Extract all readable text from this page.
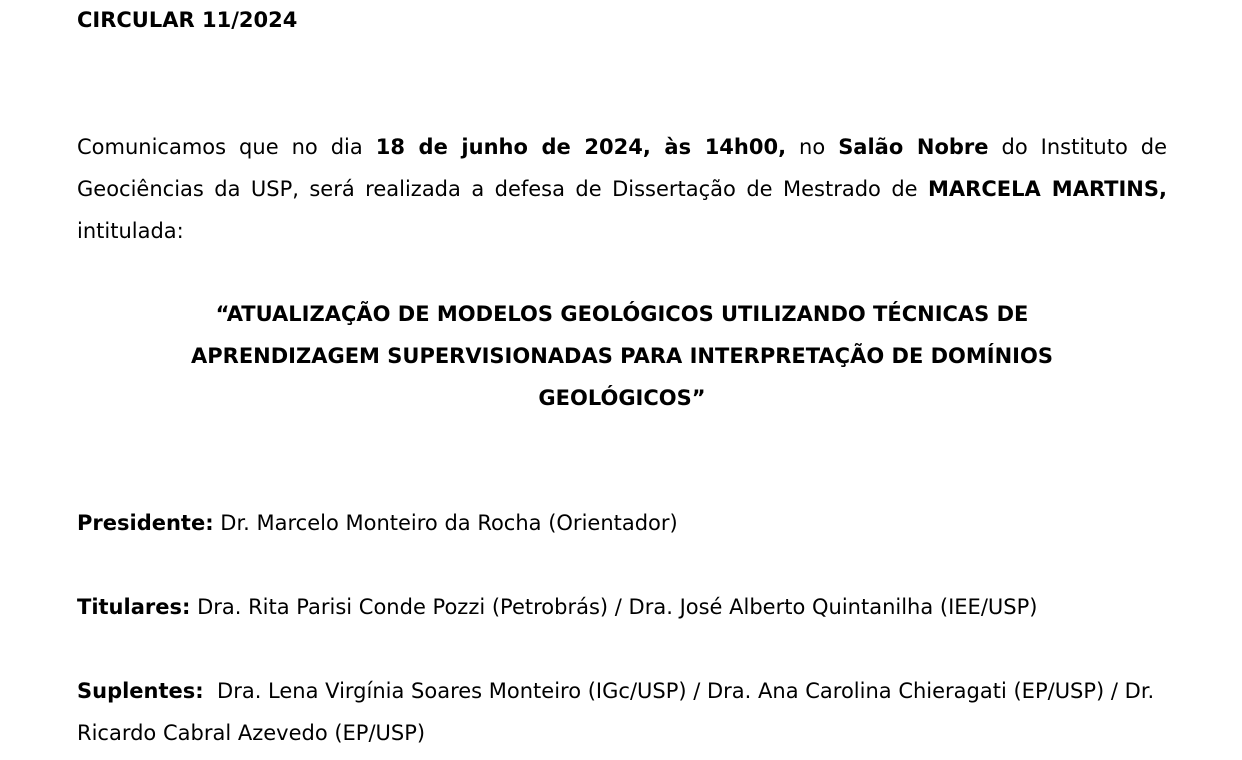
CIRCULAR 11/2024

Comunicamos que no dia 18 de junho de 2024, às 14h00, no Salão Nobre do Instituto de Geociências da USP, será realizada a defesa de Dissertação de Mestrado de MARCELA MARTINS, intitulada:

“ATUALIZAÇÃO DE MODELOS GEOLÓGICOS UTILIZANDO TÉCNICAS DE
APRENDIZAGEM SUPERVISIONADAS PARA INTERPRETAÇÃO DE DOMÍNIOS
GEOLÓGICOS”
Presidente: Dr. Marcelo Monteiro da Rocha (Orientador)
Titulares: Dra. Rita Parisi Conde Pozzi (Petrobrás) / Dra. José Alberto Quintanilha (IEE/USP)
Suplentes:  Dra. Lena Virgínia Soares Monteiro (IGc/USP) / Dra. Ana Carolina Chieragati (EP/USP) / Dr. Ricardo Cabral Azevedo (EP/USP)
